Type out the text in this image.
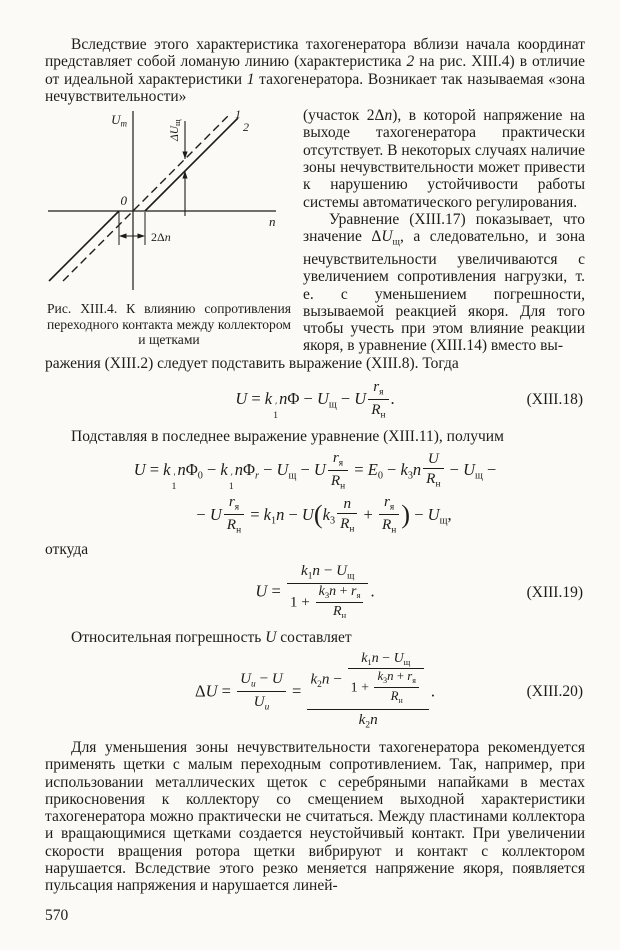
Вследствие этого характеристика тахогенератора вблизи начала координат представляет собой ломаную линию (характеристика 2 на рис. XIII.4) в отличие от идеальной характеристики 1 тахогенератора. Возникает так называемая «зона нечувствительности»

Uт
n
0
1
2
2Δn
ΔUщ
Рис. XIII.4. К влиянию сопротивления переходного контакта между коллектором и щетками

(участок 2Δn), в которой напряжение на выходе тахогенератора практически отсутствует. В некоторых случаях наличие зоны нечувствительности может привести к нарушению устойчивости работы системы автоматического регулирования.

Уравнение (XIII.17) показывает, что значение $\Delta U_щ$, а следовательно, и зона нечувствительности увеличиваются с увеличением сопротивления нагрузки, т. е. с уменьшением погрешности, вызываемой реакцией якоря. Для того чтобы учесть при этом влияние реакции якоря, в уравнение (XIII.14) вместо вы-

ражения (XIII.2) следует подставить выражение (XIII.8). Тогда

U = k ′
1
$n\Phi - U_щ - U \frac{r_я}{R_н}$ .	(XIII.18)

Подставляя в последнее выражение уравнение (XIII.11), получим

U = k ′
1
$n\Phi_0 - k$ ′
1
$n\Phi_r - U_щ - U \frac{r_я}{R_н} = E_0 - k_3n \frac{U}{R_н} - U_щ$ −
− U $\frac{r_я}{R_н} = k_1n - U(k_3 \frac{n}{R_н} + \frac{r_я}{R_н}$ ) − $U_щ$,

откуда

$U = \frac{k_1n - U_щ}{1 + \frac{k_3n + r_я}{R_н}}$ .	(XIII.19)

Относительная погрешность U составляет

$\Delta U = \frac{U_и - U}{U_и} = \frac{k_2n - \frac{k_1n - U_щ}{1 + \frac{k_3n + r_я}{R_н}}}{k_2n}$ .	(XIII.20)

Для уменьшения зоны нечувствительности тахогенератора рекомендуется применять щетки с малым переходным сопротивлением. Так, например, при использовании металлических щеток с серебряными напайками в местах прикосновения к коллектору со смещением выходной характеристики тахогенератора можно практически не считаться. Между пластинами коллектора и вращающимися щетками создается неустойчивый контакт. При увеличении скорости вращения ротора щетки вибрируют и контакт с коллектором нарушается. Вследствие этого резко меняется напряжение якоря, появляется пульсация напряжения и нарушается линей-

570
